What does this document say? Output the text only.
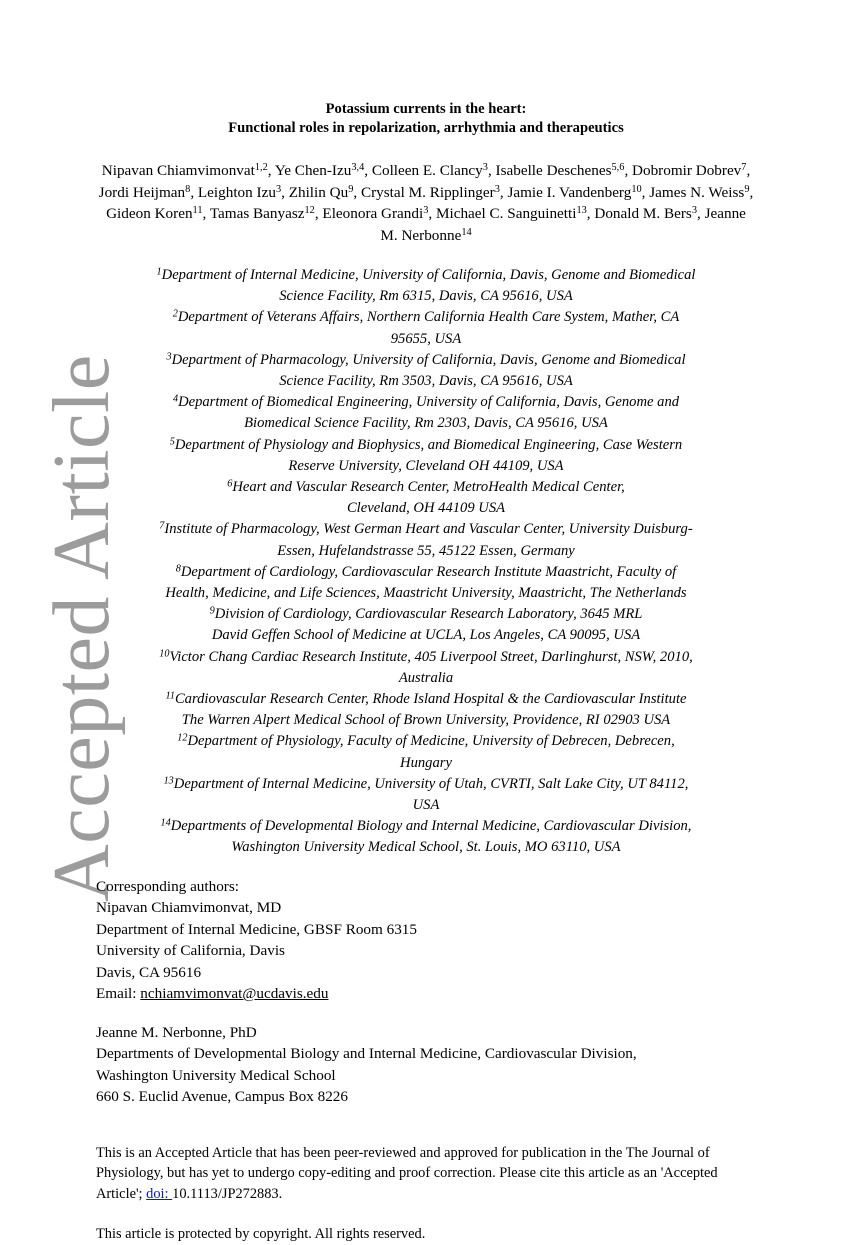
Accepted Article
Potassium currents in the heart:
Functional roles in repolarization, arrhythmia and therapeutics
Nipavan Chiamvimonvat$^{1,2}$, Ye Chen-Izu$^{3,4}$, Colleen E. Clancy$^3$, Isabelle Deschenes$^{5,6}$, Dobromir Dobrev$^7$, Jordi Heijman$^8$, Leighton Izu$^3$, Zhilin Qu$^9$, Crystal M. Ripplinger$^3$, Jamie I. Vandenberg$^{10}$, James N. Weiss$^9$, Gideon Koren$^{11}$, Tamas Banyasz$^{12}$, Eleonora Grandi$^3$, Michael C. Sanguinetti$^{13}$, Donald M. Bers$^3$, Jeanne M. Nerbonne$^{14}$
$^1$Department of Internal Medicine, University of California, Davis, Genome and Biomedical
Science Facility, Rm 6315, Davis, CA 95616, USA
$^2$Department of Veterans Affairs, Northern California Health Care System, Mather, CA
95655, USA
$^3$Department of Pharmacology, University of California, Davis, Genome and Biomedical
Science Facility, Rm 3503, Davis, CA 95616, USA
$^4$Department of Biomedical Engineering, University of California, Davis, Genome and
Biomedical Science Facility, Rm 2303, Davis, CA 95616, USA
$^5$Department of Physiology and Biophysics, and Biomedical Engineering, Case Western
Reserve University, Cleveland OH 44109, USA
$^6$Heart and Vascular Research Center, MetroHealth Medical Center,
Cleveland, OH 44109 USA
$^7$Institute of Pharmacology, West German Heart and Vascular Center, University Duisburg-
Essen, Hufelandstrasse 55, 45122 Essen, Germany
$^8$Department of Cardiology, Cardiovascular Research Institute Maastricht, Faculty of
Health, Medicine, and Life Sciences, Maastricht University, Maastricht, The Netherlands
$^9$Division of Cardiology, Cardiovascular Research Laboratory, 3645 MRL
David Geffen School of Medicine at UCLA, Los Angeles, CA 90095, USA
$^{10}$Victor Chang Cardiac Research Institute, 405 Liverpool Street, Darlinghurst, NSW, 2010,
Australia
$^{11}$Cardiovascular Research Center, Rhode Island Hospital & the Cardiovascular Institute
The Warren Alpert Medical School of Brown University, Providence, RI 02903 USA
$^{12}$Department of Physiology, Faculty of Medicine, University of Debrecen, Debrecen,
Hungary
$^{13}$Department of Internal Medicine, University of Utah, CVRTI, Salt Lake City, UT 84112,
USA
$^{14}$Departments of Developmental Biology and Internal Medicine, Cardiovascular Division,
Washington University Medical School, St. Louis, MO 63110, USA
Corresponding authors:
Nipavan Chiamvimonvat, MD
Department of Internal Medicine, GBSF Room 6315
University of California, Davis
Davis, CA 95616
Email: nchiamvimonvat@ucdavis.edu
Jeanne M. Nerbonne, PhD
Departments of Developmental Biology and Internal Medicine, Cardiovascular Division,
Washington University Medical School
660 S. Euclid Avenue, Campus Box 8226

This is an Accepted Article that has been peer-reviewed and approved for publication in the The Journal of Physiology, but has yet to undergo copy-editing and proof correction. Please cite this article as an 'Accepted Article'; doi: 10.1113/JP272883.

This article is protected by copyright. All rights reserved.
